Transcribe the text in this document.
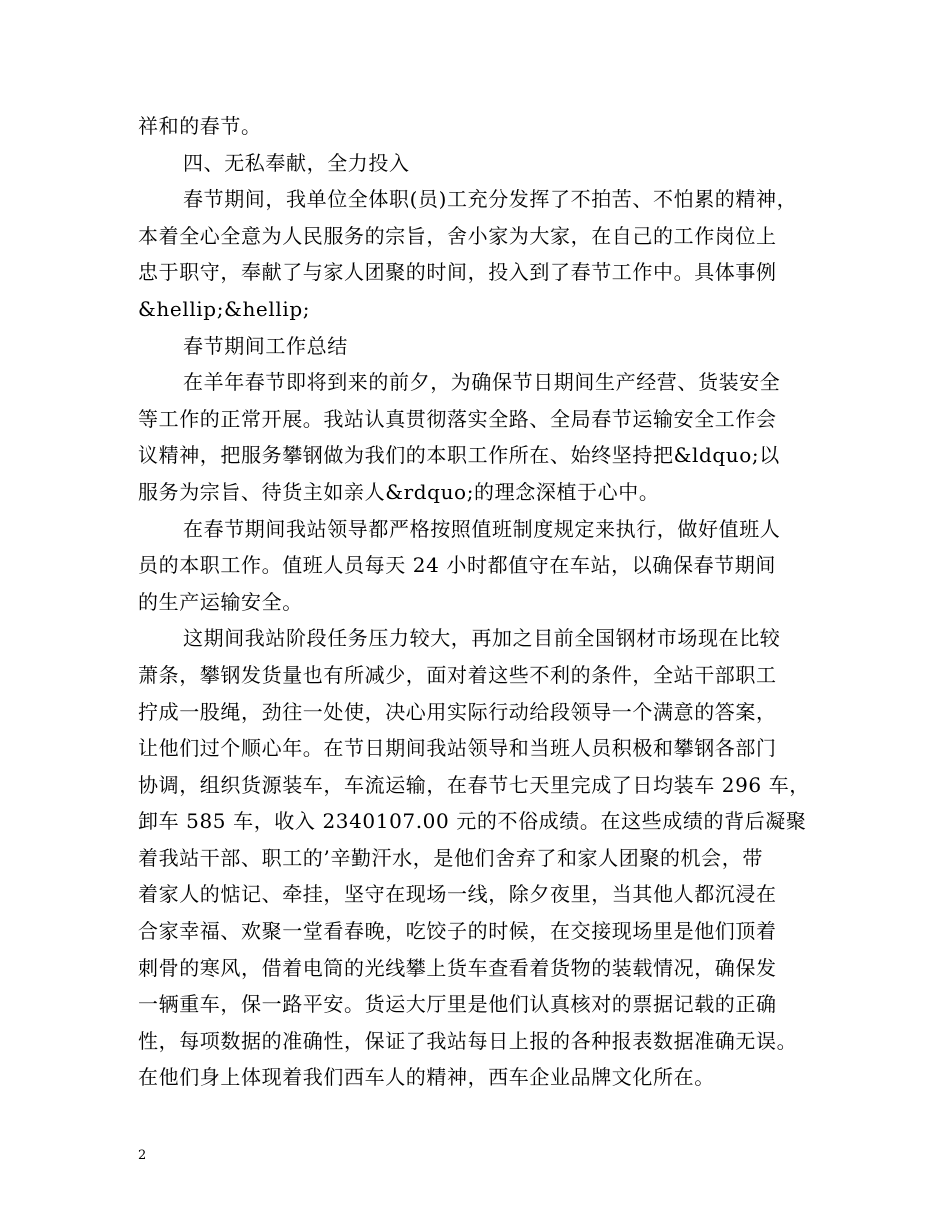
祥和的春节。
四、无私奉献，全力投入
春节期间，我单位全体职(员)工充分发挥了不拍苦、不怕累的精神，
本着全心全意为人民服务的宗旨，舍小家为大家，在自己的工作岗位上
忠于职守，奉献了与家人团聚的时间，投入到了春节工作中。具体事例
&hellip;&hellip;
春节期间工作总结
在羊年春节即将到来的前夕，为确保节日期间生产经营、货装安全
等工作的正常开展。我站认真贯彻落实全路、全局春节运输安全工作会
议精神，把服务攀钢做为我们的本职工作所在、始终坚持把&ldquo;以
服务为宗旨、待货主如亲人&rdquo;的理念深植于心中。
在春节期间我站领导都严格按照值班制度规定来执行，做好值班人
员的本职工作。值班人员每天 24 小时都值守在车站，以确保春节期间
的生产运输安全。
这期间我站阶段任务压力较大，再加之目前全国钢材市场现在比较
萧条，攀钢发货量也有所减少，面对着这些不利的条件，全站干部职工
拧成一股绳，劲往一处使，决心用实际行动给段领导一个满意的答案，
让他们过个顺心年。在节日期间我站领导和当班人员积极和攀钢各部门
协调，组织货源装车，车流运输，在春节七天里完成了日均装车 296 车，
卸车 585 车，收入 2340107.00 元的不俗成绩。在这些成绩的背后凝聚
着我站干部、职工的’辛勤汗水，是他们舍弃了和家人团聚的机会，带
着家人的惦记、牵挂，坚守在现场一线，除夕夜里，当其他人都沉浸在
合家幸福、欢聚一堂看春晚，吃饺子的时候，在交接现场里是他们顶着
刺骨的寒风，借着电筒的光线攀上货车查看着货物的装载情况，确保发
一辆重车，保一路平安。货运大厅里是他们认真核对的票据记载的正确
性，每项数据的准确性，保证了我站每日上报的各种报表数据准确无误。
在他们身上体现着我们西车人的精神，西车企业品牌文化所在。
2
